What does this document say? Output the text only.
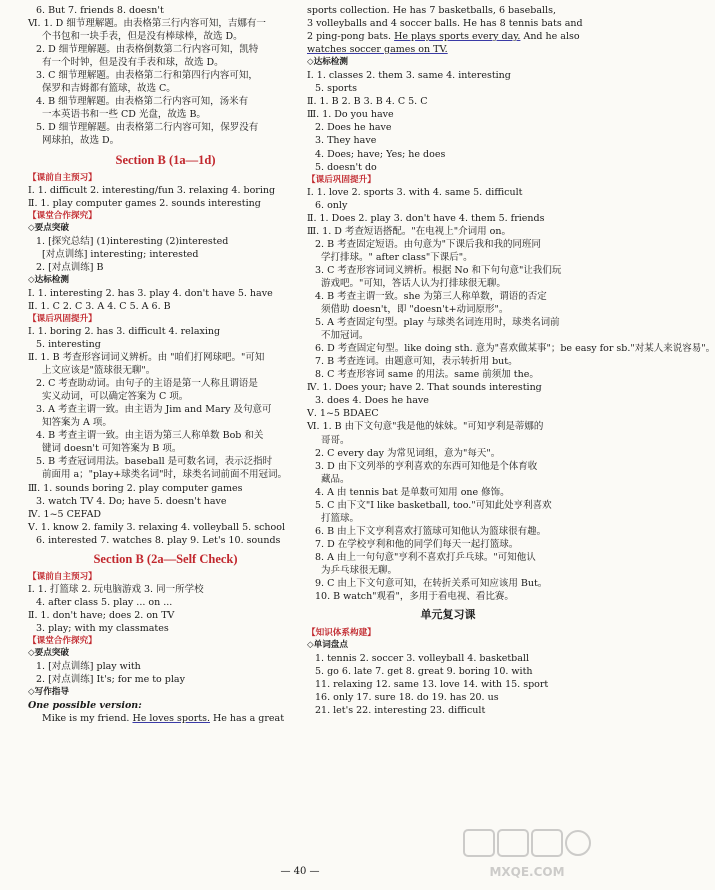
6. But 7. friends 8. doesn't
Ⅵ. 1. D 细节理解题。由表格第三行内容可知，吉娜有一
个书包和一块手表，但是没有棒球棒，故选 D。
2. D 细节理解题。由表格倒数第二行内容可知，凯特
有一个时钟，但是没有手表和球，故选 D。
3. C 细节理解题。由表格第二行和第四行内容可知，
保罗和吉姆都有篮球，故选 C。
4. B 细节理解题。由表格第二行内容可知，汤米有
一本英语书和一些 CD 光盘，故选 B。
5. D 细节理解题。由表格第二行内容可知，保罗没有
网球拍，故选 D。
Section B (1a—1d)
【课前自主预习】
Ⅰ. 1. difficult 2. interesting/fun 3. relaxing 4. boring
Ⅱ. 1. play computer games 2. sounds interesting
【课堂合作探究】
◇要点突破
1. [探究总结] (1)interesting (2)interested
[对点训练] interesting; interested
2. [对点训练] B
◇达标检测
Ⅰ. 1. interesting 2. has 3. play 4. don't have 5. have
Ⅱ. 1. C 2. C 3. A 4. C 5. A 6. B
【课后巩固提升】
Ⅰ. 1. boring 2. has 3. difficult 4. relaxing
5. interesting
Ⅱ. 1. B 考查形容词词义辨析。由 "咱们打网球吧。"可知
上文应该是"篮球很无聊"。
2. C 考查助动词。由句子的主语是第一人称且谓语是
实义动词，可以确定答案为 C 项。
3. A 考查主谓一致。由主语为 Jim and Mary 及句意可
知答案为 A 项。
4. B 考查主谓一致。由主语为第三人称单数 Bob 和关
键词 doesn't 可知答案为 B 项。
5. B 考查冠词用法。baseball 是可数名词，表示泛指时
前面用 a；"play+球类名词"时，球类名词前面不用冠词。
Ⅲ. 1. sounds boring 2. play computer games
3. watch TV 4. Do; have 5. doesn't have
Ⅳ. 1~5 CEFAD
Ⅴ. 1. know 2. family 3. relaxing 4. volleyball 5. school
6. interested 7. watches 8. play 9. Let's 10. sounds
Section B (2a—Self Check)
【课前自主预习】
Ⅰ. 1. 打篮球 2. 玩电脑游戏 3. 同一所学校
4. after class 5. play ... on ...
Ⅱ. 1. don't have; does 2. on TV
3. play; with my classmates
【课堂合作探究】
◇要点突破
1. [对点训练] play with
2. [对点训练] It's; for me to play
◇写作指导
One possible version:
Mike is my friend. He loves sports. He has a great
sports collection. He has 7 basketballs, 6 baseballs,
3 volleyballs and 4 soccer balls. He has 8 tennis bats and
2 ping-pong bats. He plays sports every day. And he also
watches soccer games on TV.
◇达标检测
Ⅰ. 1. classes 2. them 3. same 4. interesting
5. sports
Ⅱ. 1. B 2. B 3. B 4. C 5. C
Ⅲ. 1. Do you have
2. Does he have
3. They have
4. Does; have; Yes; he does
5. doesn't do
【课后巩固提升】
Ⅰ. 1. love 2. sports 3. with 4. same 5. difficult
6. only
Ⅱ. 1. Does 2. play 3. don't have 4. them 5. friends
Ⅲ. 1. D 考查短语搭配。"在电视上"介词用 on。
2. B 考查固定短语。由句意为"下课后我和我的同班同
学打排球。" after class"下课后"。
3. C 考查形容词词义辨析。根据 No 和下句句意"让我们玩
游戏吧。"可知，答话人认为打排球很无聊。
4. B 考查主谓一致。she 为第三人称单数，谓语的否定
须借助 doesn't，即 "doesn't+动词原形"。
5. A 考查固定句型。play 与球类名词连用时，球类名词前
不加冠词。
6. D 考查固定句型。like doing sth. 意为"喜欢做某事"；be easy for sb."对某人来说容易"。
7. B 考查连词。由题意可知，表示转折用 but。
8. C 考查形容词 same 的用法。same 前须加 the。
Ⅳ. 1. Does your; have 2. That sounds interesting
3. does 4. Does he have
Ⅴ. 1~5 BDAEC
Ⅵ. 1. B 由下文句意"我是他的妹妹。"可知亨利是蒂娜的
哥哥。
2. C every day 为常见词组，意为"每天"。
3. D 由下文列举的亨利喜欢的东西可知他是个体育收
藏品。
4. A 由 tennis bat 是单数可知用 one 修饰。
5. C 由下文"I like basketball, too."可知此处亨利喜欢
打篮球。
6. B 由上下文亨利喜欢打篮球可知他认为篮球很有趣。
7. D 在学校亨利和他的同学们每天一起打篮球。
8. A 由上一句句意"亨利不喜欢打乒乓球。"可知他认
为乒乓球很无聊。
9. C 由上下文句意可知，在转折关系可知应该用 But。
10. B watch"观看"，多用于看电视、看比赛。
单元复习课
【知识体系构建】
◇单词盘点
1. tennis 2. soccer 3. volleyball 4. basketball
5. go 6. late 7. get 8. great 9. boring 10. with
11. relaxing 12. same 13. love 14. with 15. sport
16. only 17. sure 18. do 19. has 20. us
21. let's 22. interesting 23. difficult
— 40 —	MXQE.COM
